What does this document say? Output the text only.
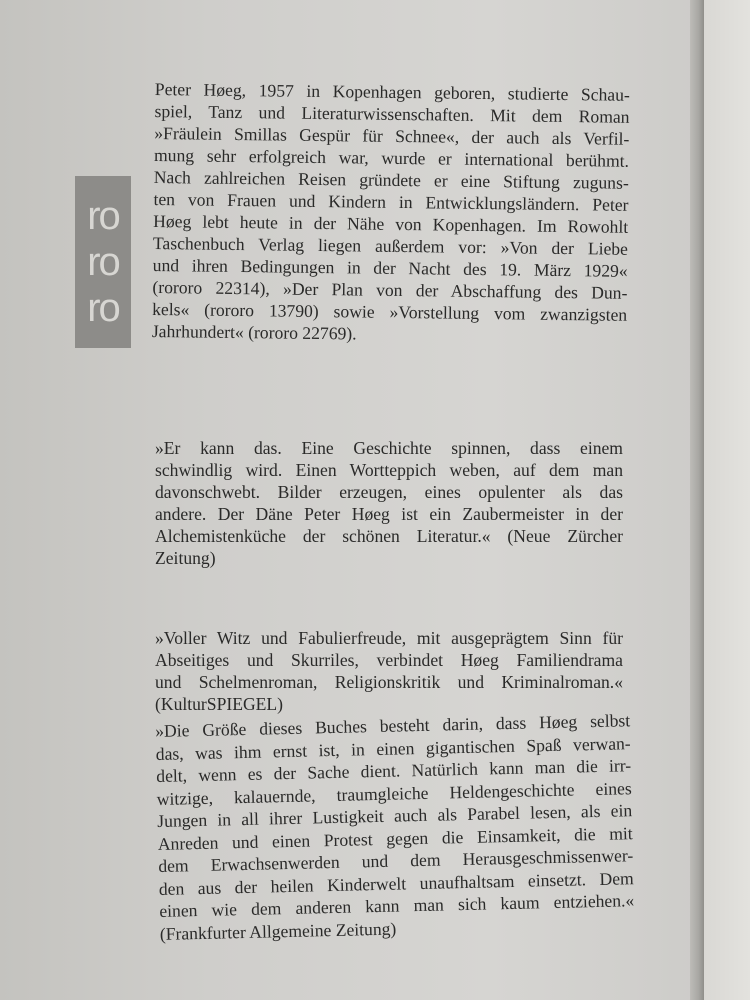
ro
ro
ro
Peter Høeg, 1957 in Kopenhagen geboren, studierte Schau-
spiel, Tanz und Literaturwissenschaften. Mit dem Roman
»Fräulein Smillas Gespür für Schnee«, der auch als Verfil-
mung sehr erfolgreich war, wurde er international berühmt.
Nach zahlreichen Reisen gründete er eine Stiftung zuguns-
ten von Frauen und Kindern in Entwicklungsländern. Peter
Høeg lebt heute in der Nähe von Kopenhagen. Im Rowohlt
Taschenbuch Verlag liegen außerdem vor: »Von der Liebe
und ihren Bedingungen in der Nacht des 19. März 1929«
(rororo 22314), »Der Plan von der Abschaffung des Dun-
kels« (rororo 13790) sowie »Vorstellung vom zwanzigsten
Jahrhundert« (rororo 22769).
»Er kann das. Eine Geschichte spinnen, dass einem
schwindlig wird. Einen Wortteppich weben, auf dem man
davonschwebt. Bilder erzeugen, eines opulenter als das
andere. Der Däne Peter Høeg ist ein Zaubermeister in der
Alchemistenküche der schönen Literatur.« (Neue Zürcher
Zeitung)
»Voller Witz und Fabulierfreude, mit ausgeprägtem Sinn für
Abseitiges und Skurriles, verbindet Høeg Familiendrama
und Schelmenroman, Religionskritik und Kriminalroman.«
(KulturSPIEGEL)
»Die Größe dieses Buches besteht darin, dass Høeg selbst
das, was ihm ernst ist, in einen gigantischen Spaß verwan-
delt, wenn es der Sache dient. Natürlich kann man die irr-
witzige, kalauernde, traumgleiche Heldengeschichte eines
Jungen in all ihrer Lustigkeit auch als Parabel lesen, als ein
Anreden und einen Protest gegen die Einsamkeit, die mit
dem Erwachsenwerden und dem Herausgeschmissenwer-
den aus der heilen Kinderwelt unaufhaltsam einsetzt. Dem
einen wie dem anderen kann man sich kaum entziehen.«
(Frankfurter Allgemeine Zeitung)
